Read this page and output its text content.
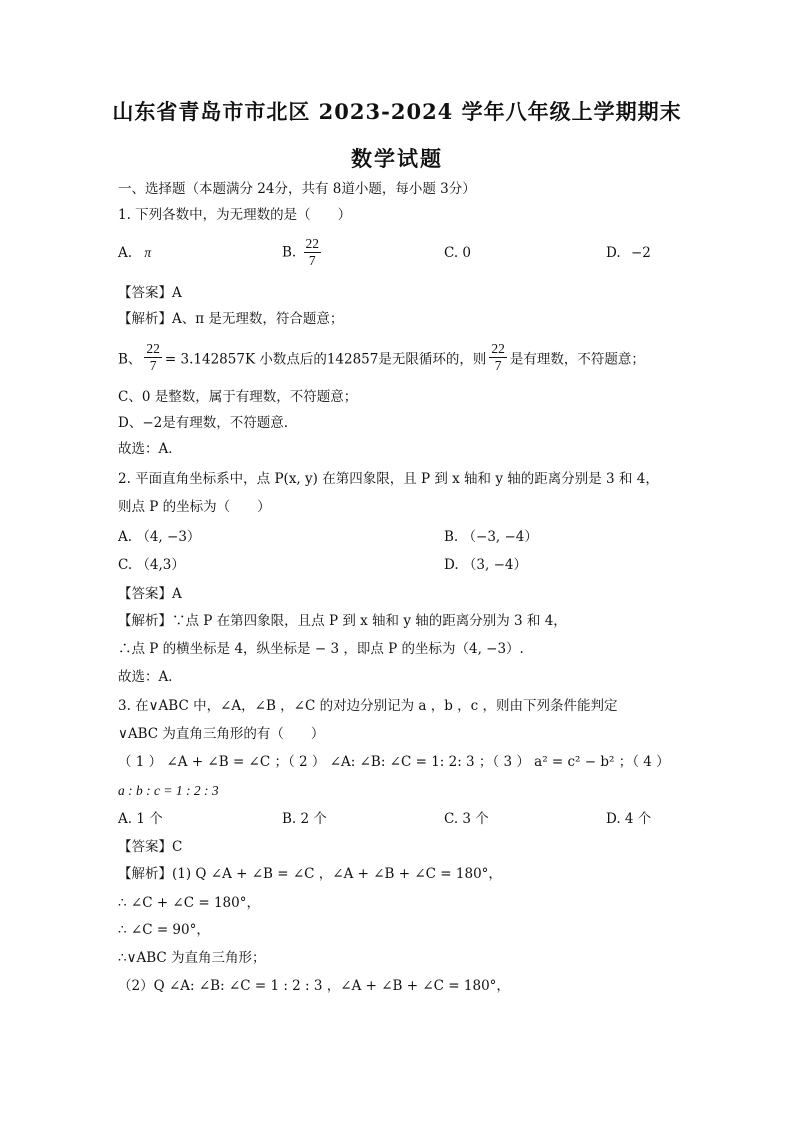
山东省青岛市市北区 2023-2024 学年八年级上学期期末
数学试题
一、选择题（本题满分 24分，共有 8道小题，每小题 3分）
1. 下列各数中，为无理数的是（　　）
A. π	B. $\frac{22}{7}$	C. 0	D. −2
【答案】A
【解析】A、π 是无理数，符合题意；
B、 $\frac{22}{7} = 3.142857K$ 小数点后的142857是无限循环的，则 $\frac{22}{7}$ 是有理数，不符题意；
C、0 是整数，属于有理数，不符题意；
D、−2是有理数，不符题意.
故选：A．
2. 平面直角坐标系中，点 P(x, y) 在第四象限，且 P 到 x 轴和 y 轴的距离分别是 3 和 4，
则点 P 的坐标为（　　）
A. （4, −3）	B. （−3, −4）
C. （4,3）	D. （3, −4）
【答案】A
【解析】∵点 P 在第四象限，且点 P 到 x 轴和 y 轴的距离分别为 3 和 4，
∴点 P 的横坐标是 4，纵坐标是 − 3 ，即点 P 的坐标为（4, −3）.
故选：A．
3. 在∨ABC 中，∠A，∠B ，∠C 的对边分别记为 a ，b ，c ，则由下列条件能判定
∨ABC 为直角三角形的有（　　）
（ 1 ） ∠A + ∠B = ∠C ；（ 2 ） ∠A: ∠B: ∠C = 1: 2: 3 ；（ 3 ） a² = c² − b² ；（ 4 ）
a : b : c = 1 : 2 : 3
A. 1 个	B. 2 个	C. 3 个	D. 4 个
【答案】C
【解析】(1) Q ∠A + ∠B = ∠C ，∠A + ∠B + ∠C = 180°，
∴ ∠C + ∠C = 180°，
∴ ∠C = 90°，
∴∨ABC 为直角三角形；
（2）Q ∠A: ∠B: ∠C = 1 : 2 : 3 ，∠A + ∠B + ∠C = 180°，
